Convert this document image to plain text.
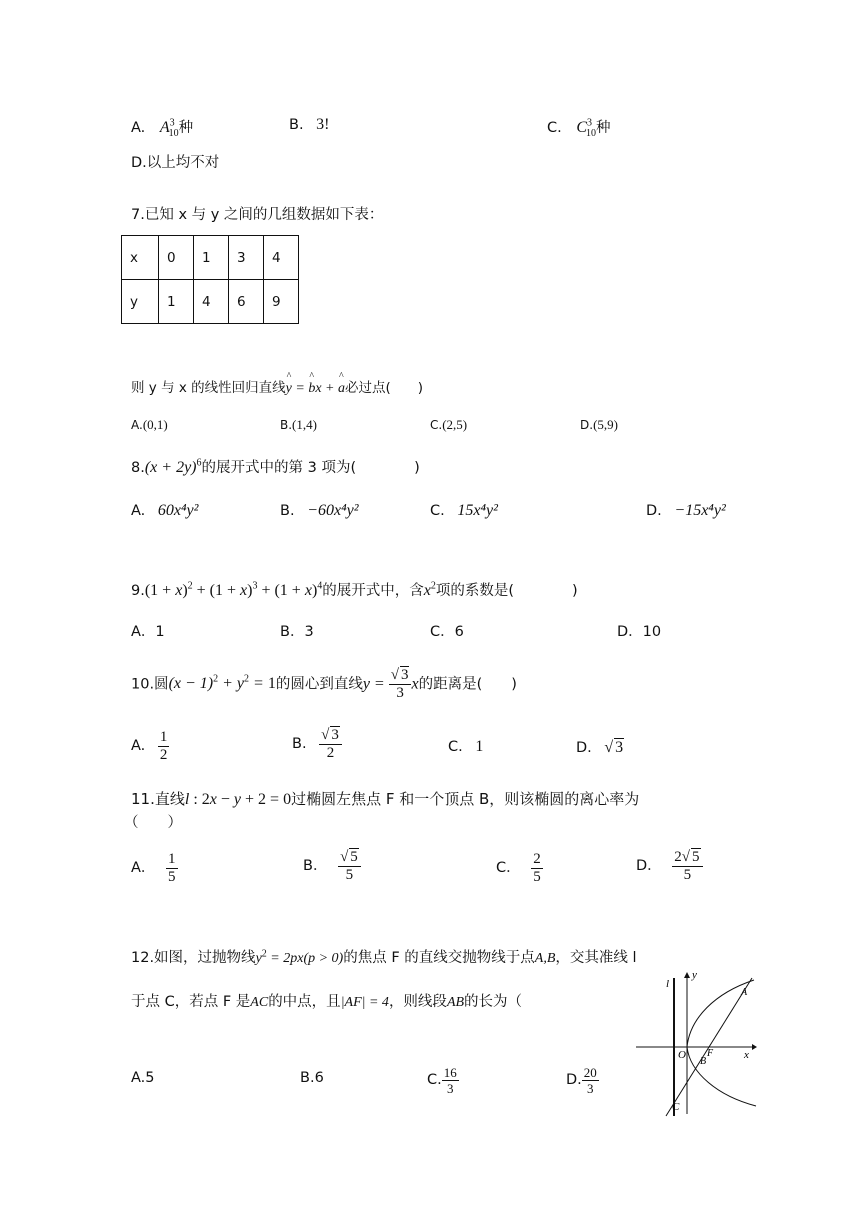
A. $A^3_{10}$种	B. 3!	C. $C^3_{10}$种
D.以上均不对
7.已知 x 与 y 之间的几组数据如下表：
x	0	1	3	4
y	1	4	6	9
则 y 与 x 的线性回归直线^ y = ^ bx + ^ a必过点(　　)
A.(0,1)	B.(1,4)	C.(2,5)	D.(5,9)
$8.(x + 2y)^6$的展开式中的第 3 项为(　　　　)
A. 60x⁴y²	B. −60x⁴y²	C. 15x⁴y²	D. −15x⁴y²
$9.(1 + x)^2 + (1 + x)^3 + (1 + x)^4$的展开式中，含$x^2$项的系数是(　　　　)
A．1	B．3	C．6	D．10
10.圆$(x - 1)^2 + y^2 = 1$的圆心到直线$y = \frac{√ 3}{3}$ x的距离是(　　)
A. $\frac{1}{2}$	B. $\frac{√ 3}{2}$	C. 1	D. √ 3
11.直线l : 2x − y + 2 = 0过椭圆左焦点 F 和一个顶点 B，则该椭圆的离心率为
（　　）
A． $\frac{1}{5}$	B． $\frac{√ 5}{5}$	C． $\frac{2}{5}$	D． $\frac{2√ 5}{5}$
12.如图，过抛物线$y^2 = 2px(p > 0)$的焦点 F 的直线交抛物线于点A,B，交其准线 l
于点 C，若点 F 是AC的中点，且|AF| = 4，则线段AB的长为（
A.5	B.6	C. $\frac{16}{3}$	D. $\frac{20}{3}$
l
y
x
O F
B
A
C
